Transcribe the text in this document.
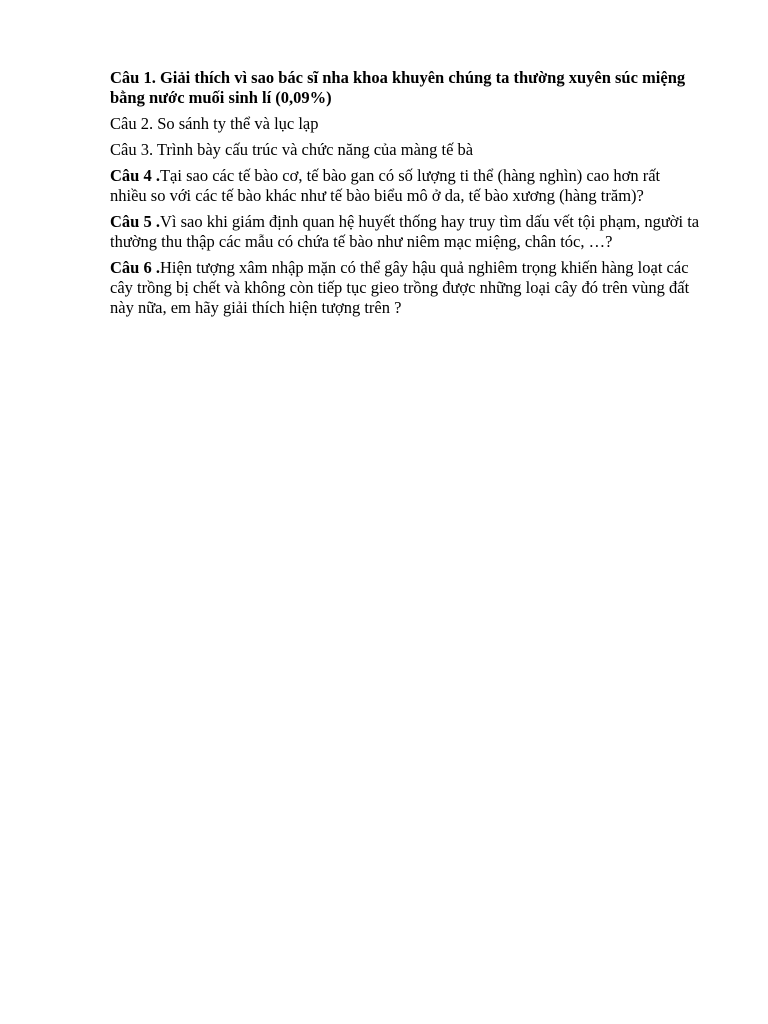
Câu 1. Giải thích vì sao bác sĩ nha khoa khuyên chúng ta thường xuyên súc miệng bằng nước muối sinh lí (0,09%)

Câu 2. So sánh ty thể và lục lạp

Câu 3. Trình bày cấu trúc và chức năng của màng tế bà

Câu 4 .Tại sao các tế bào cơ, tế bào gan có số lượng ti thể (hàng nghìn) cao hơn rất nhiều so với các tế bào khác như tế bào biểu mô ở da, tế bào xương (hàng trăm)?

Câu 5 .Vì sao khi giám định quan hệ huyết thống hay truy tìm dấu vết tội phạm, người ta thường thu thập các mẫu có chứa tế bào như niêm mạc miệng, chân tóc, …?

Câu 6 .Hiện tượng xâm nhập mặn có thể gây hậu quả nghiêm trọng khiến hàng loạt các cây trồng bị chết và không còn tiếp tục gieo trồng được những loại cây đó trên vùng đất này nữa, em hãy giải thích hiện tượng trên ?
